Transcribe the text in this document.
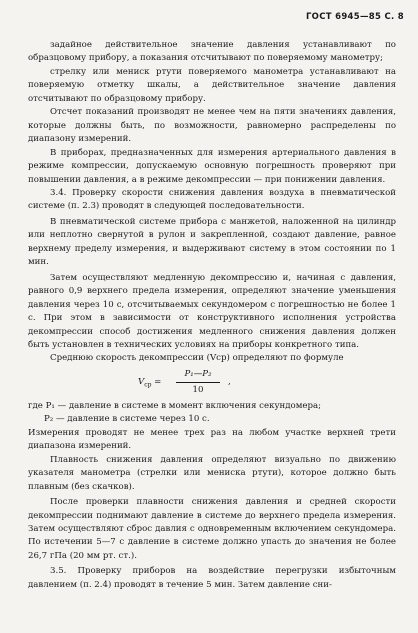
ГОСТ 6945—85 С. 8
задайное действительное значение давления устанавливают по образцовому прибору, а показания отсчитывают по поверяемому манометру;
стрелку или мениск ртути поверяемого манометра устанавливают на поверяемую отметку шкалы, а действительное значение давления отсчитывают по образцовому прибору.
Отсчет показаний производят не менее чем на пяти значениях давления, которые должны быть, по возможности, равномерно распределены по диапазону измерений.
В приборах, предназначенных для измерения артериального давления в режиме компрессии, допускаемую основную погрешность проверяют при повышении давления, а в режиме декомпрессии — при понижении давления.
3.4. Проверку скорости снижения давления воздуха в пневматической системе (п. 2.3) проводят в следующей последовательности.
В пневматической системе прибора с манжетой, наложенной на цилиндр или неплотно свернутой в рулон и закрепленной, создают давление, равное верхнему пределу измерения, и выдерживают систему в этом состоянии по 1 мин.
Затем осуществляют медленную декомпрессию и, начиная с давления, равного 0,9 верхнего предела измерения, определяют значение уменьшения давления через 10 с, отсчитываемых секундомером с погрешностью не более 1 с. При этом в зависимости от конструктивного исполнения устройства декомпрессии способ достижения медленного снижения давления должен быть установлен в технических условиях на приборы конкретного типа.
Среднюю скорость декомпрессии (Vср) определяют по формуле
$V_{ср} = \frac{\text{P₁—P₂}}{10}$ ,
где P₁ — давление в системе в момент включения секундомера;
P₂ — давление в системе через 10 с.
Измерения проводят не менее трех раз на любом участке верхней трети диапазона измерений.
Плавность снижения давления определяют визуально по движению указателя манометра (стрелки или мениска ртути), которое должно быть плавным (без скачков).
После проверки плавности снижения давления и средней скорости декомпрессии поднимают давление в системе до верхнего предела измерения. Затем осуществляют сброс давлия с одновременным включением секундомера. По истечении 5—7 с давление в системе должно упасть до значения не более 26,7 гПа (20 мм рт. ст.).
3.5. Проверку приборов на воздействие перегрузки избыточным давлением (п. 2.4) проводят в течение 5 мин. Затем давление сни-
